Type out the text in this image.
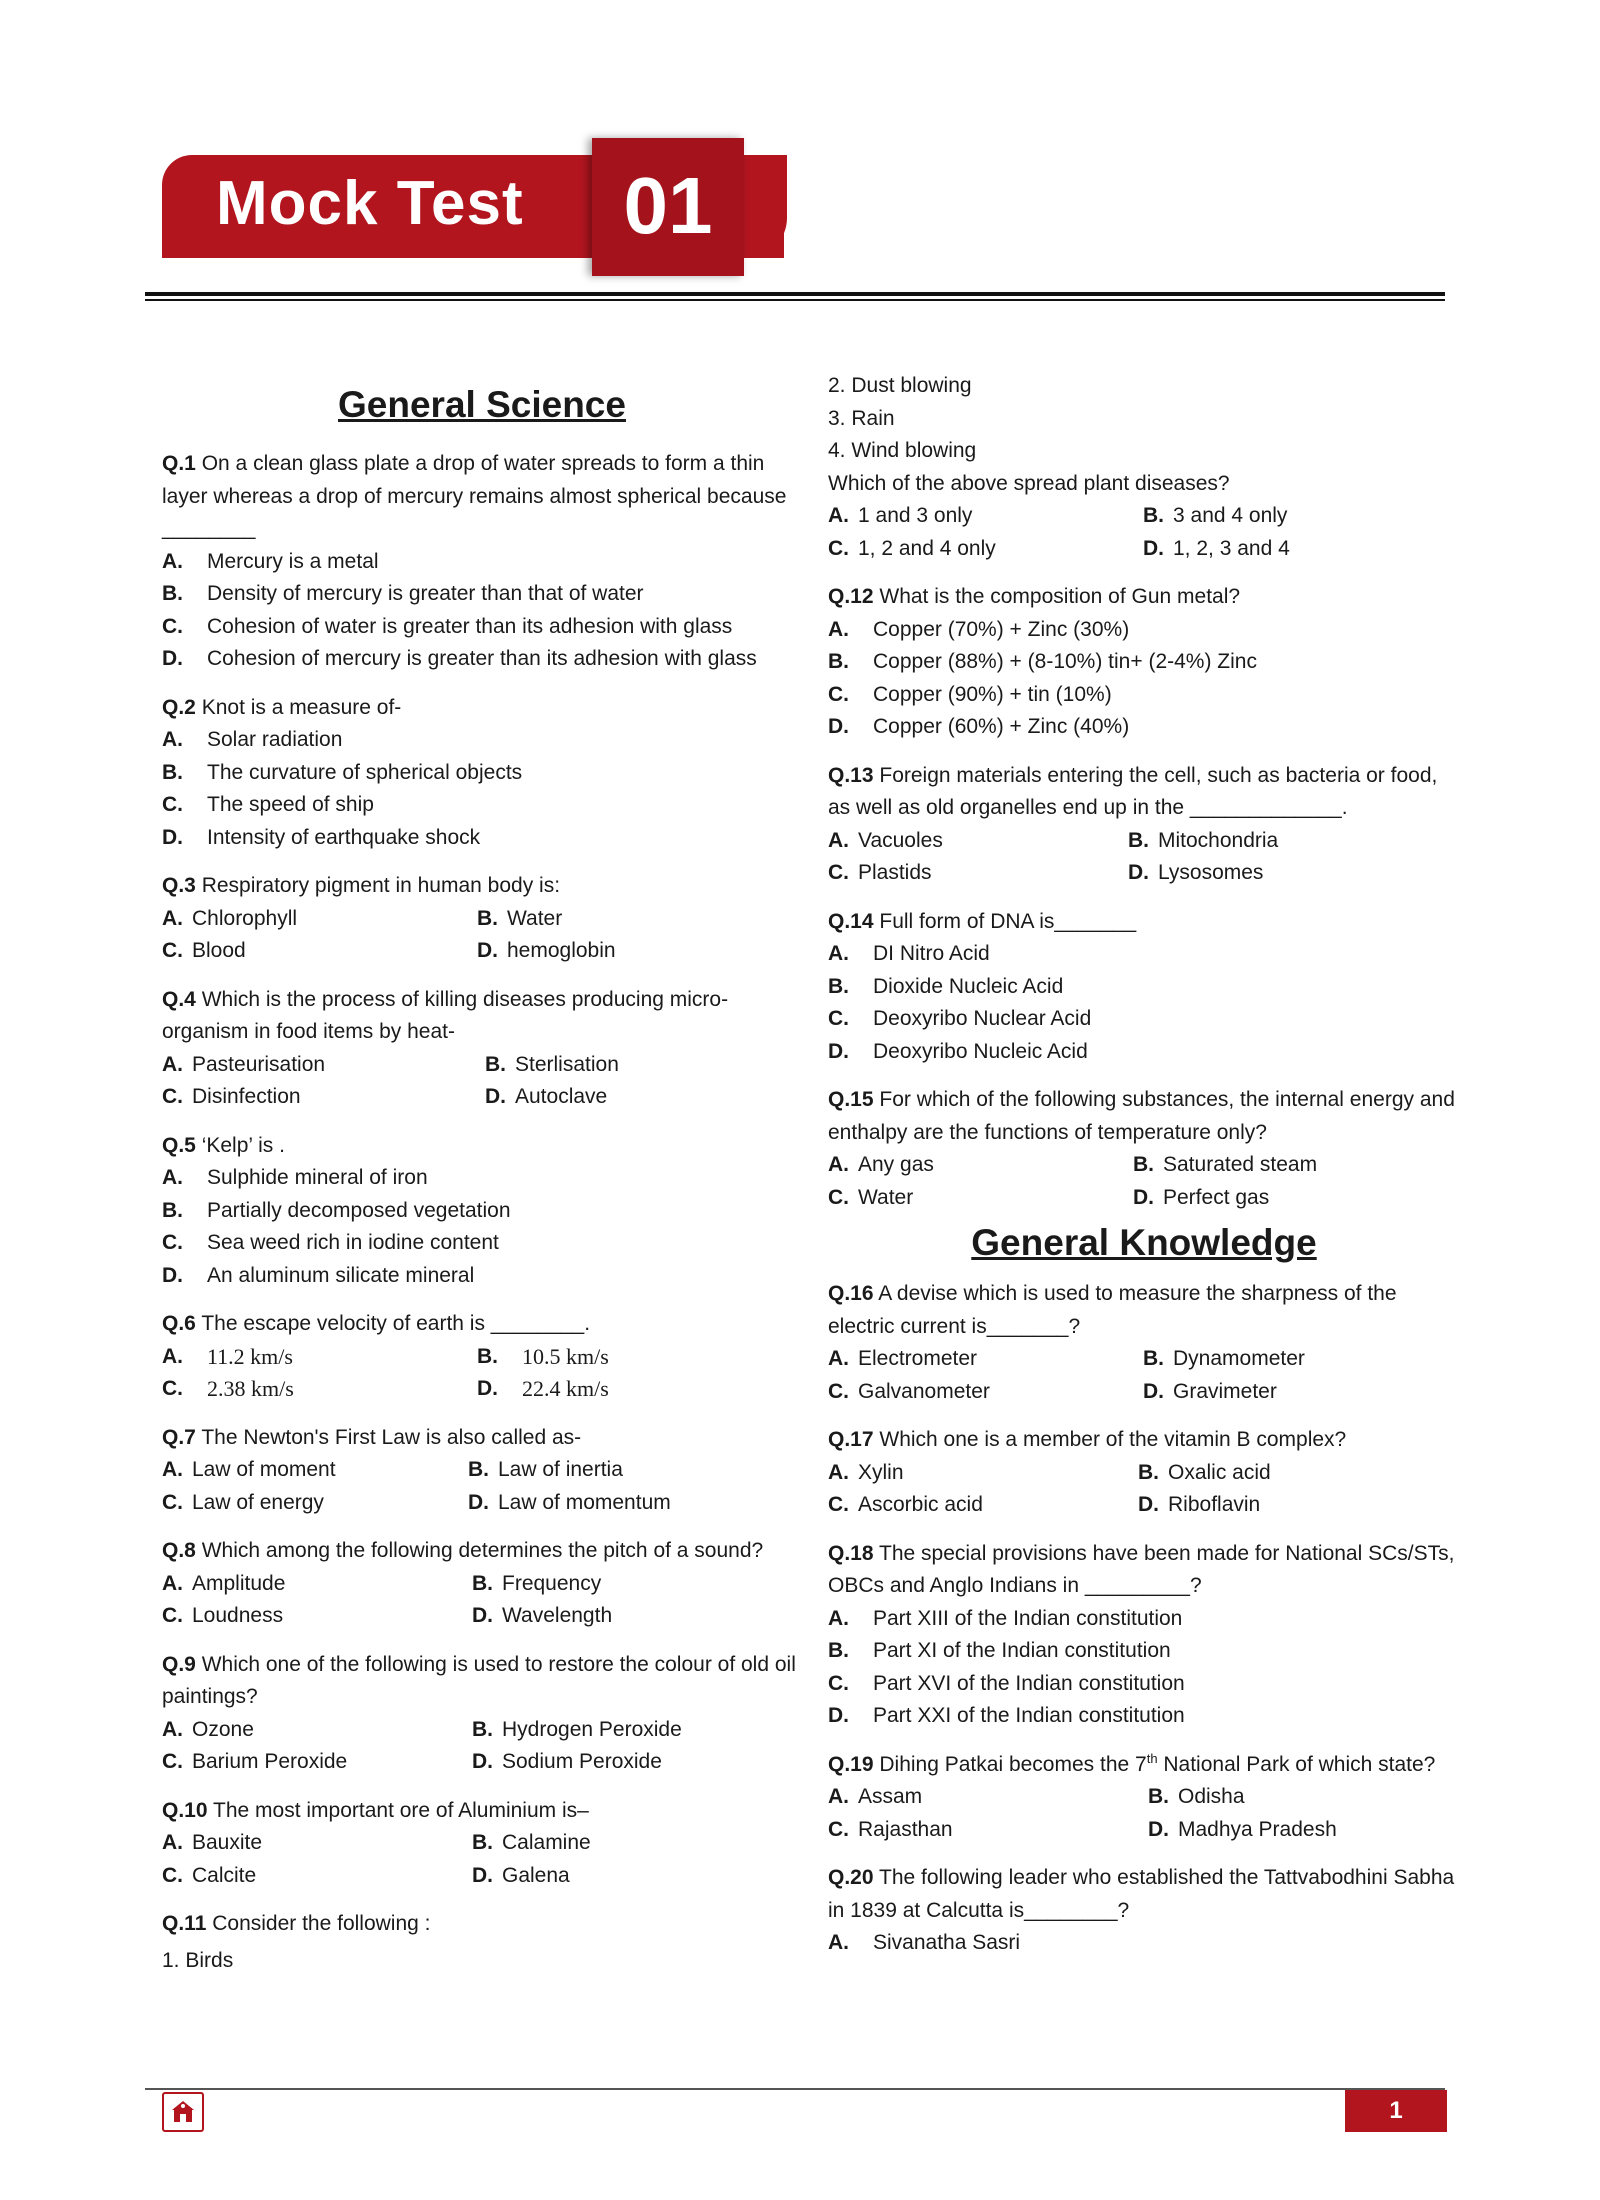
Mock Test	01
General Science
Q.1 On a clean glass plate a drop of water spreads to form a thin layer whereas a drop of mercury remains almost spherical because ________
A.	Mercury is a metal
B.	Density of mercury is greater than that of water
C.	Cohesion of water is greater than its adhesion with glass
D.	Cohesion of mercury is greater than its adhesion with glass
Q.2 Knot is a measure of-
A.	Solar radiation
B.	The curvature of spherical objects
C.	The speed of ship
D.	Intensity of earthquake shock
Q.3 Respiratory pigment in human body is:
A. Chlorophyll	B. Water
C. Blood	D. hemoglobin
Q.4 Which is the process of killing diseases producing micro-organism in food items by heat-
A. Pasteurisation	B. Sterlisation
C. Disinfection	D. Autoclave
Q.5 ‘Kelp’ is .
A.	Sulphide mineral of iron
B.	Partially decomposed vegetation
C.	Sea weed rich in iodine content
D.	An aluminum silicate mineral
Q.6 The escape velocity of earth is ________.
A.	11.2 km/s	B.	10.5 km/s
C.	2.38 km/s	D.	22.4 km/s
Q.7 The Newton's First Law is also called as-
A. Law of moment	B. Law of inertia
C. Law of energy	D. Law of momentum
Q.8 Which among the following determines the pitch of a sound?
A. Amplitude	B. Frequency
C. Loudness	D. Wavelength
Q.9 Which one of the following is used to restore the colour of old oil paintings?
A. Ozone	B. Hydrogen Peroxide
C. Barium Peroxide	D. Sodium Peroxide
Q.10 The most important ore of Aluminium is–
A. Bauxite	B. Calamine
C. Calcite	D. Galena
Q.11 Consider the following :
1. Birds
2. Dust blowing
3. Rain
4. Wind blowing
Which of the above spread plant diseases?
A. 1 and 3 only	B. 3 and 4 only
C. 1, 2 and 4 only	D. 1, 2, 3 and 4
Q.12 What is the composition of Gun metal?
A.	Copper (70%) + Zinc (30%)
B.	Copper (88%) + (8-10%) tin+ (2-4%) Zinc
C.	Copper (90%) + tin (10%)
D.	Copper (60%) + Zinc (40%)
Q.13 Foreign materials entering the cell, such as bacteria or food, as well as old organelles end up in the _____________.
A. Vacuoles	B. Mitochondria
C. Plastids	D. Lysosomes
Q.14 Full form of DNA is_______
A.	DI Nitro Acid
B.	Dioxide Nucleic Acid
C.	Deoxyribo Nuclear Acid
D.	Deoxyribo Nucleic Acid
Q.15 For which of the following substances, the internal energy and enthalpy are the functions of temperature only?
A. Any gas	B. Saturated steam
C. Water	D. Perfect gas
General Knowledge
Q.16 A devise which is used to measure the sharpness of the electric current is_______?
A. Electrometer	B. Dynamometer
C. Galvanometer	D. Gravimeter
Q.17 Which one is a member of the vitamin B complex?
A. Xylin	B. Oxalic acid
C. Ascorbic acid	D. Riboflavin
Q.18 The special provisions have been made for National SCs/STs, OBCs and Anglo Indians in _________?
A.	Part XIII of the Indian constitution
B.	Part XI of the Indian constitution
C.	Part XVI of the Indian constitution
D.	Part XXI of the Indian constitution
Q.19 Dihing Patkai becomes the 7th National Park of which state?
A. Assam	B. Odisha
C. Rajasthan	D. Madhya Pradesh
Q.20 The following leader who established the Tattvabodhini Sabha in 1839 at Calcutta is________?
A.	Sivanatha Sasri
1
